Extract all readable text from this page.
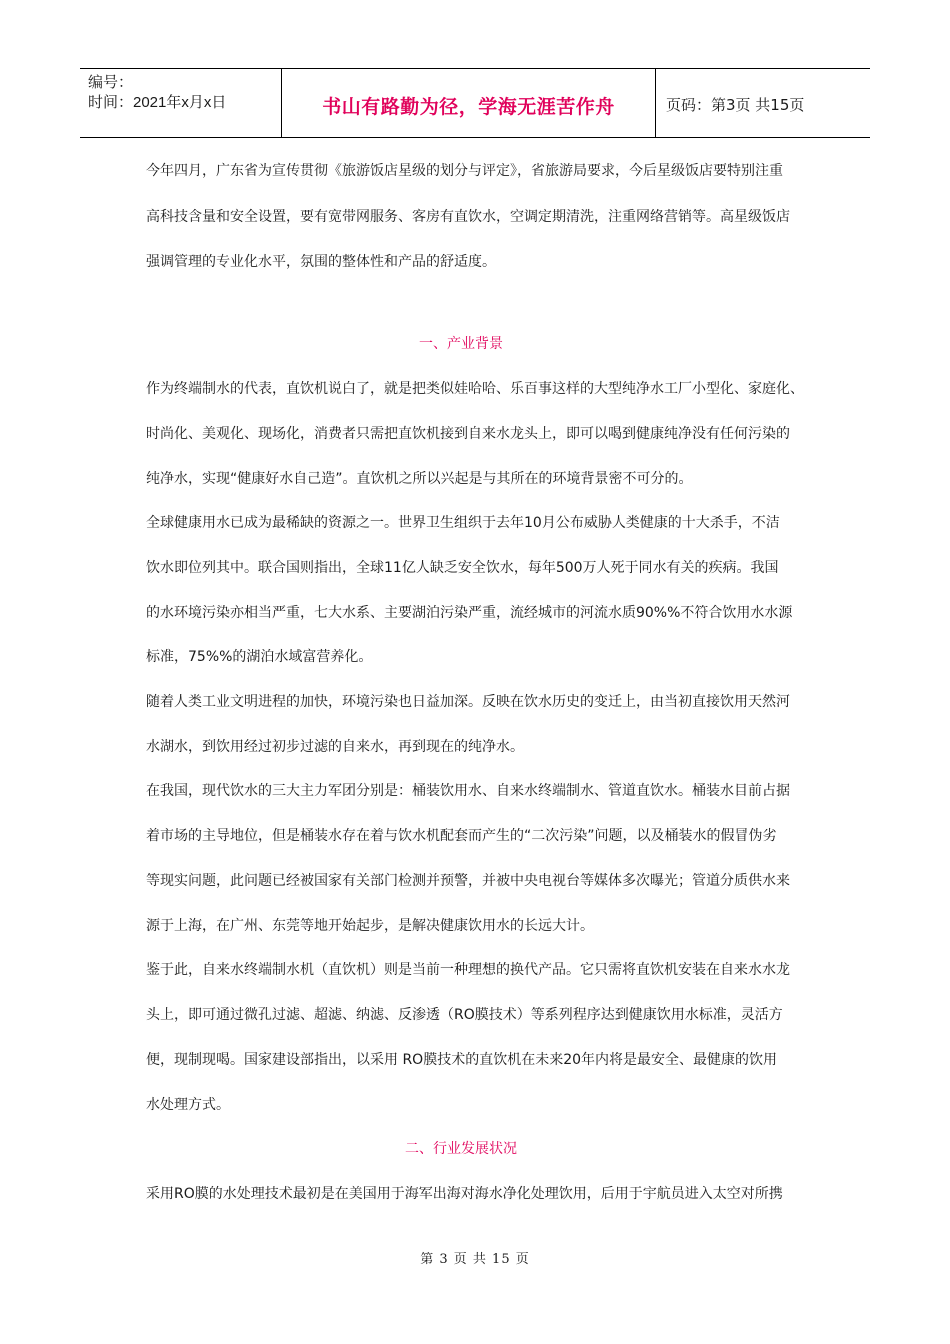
编号：
时间：2021年x月x日	书山有路勤为径，学海无涯苦作舟	页码：第3页 共15页
今年四月，广东省为宣传贯彻《旅游饭店星级的划分与评定》，省旅游局要求，今后星级饭店要特别注重
高科技含量和安全设置，要有宽带网服务、客房有直饮水，空调定期清洗，注重网络营销等。高星级饭店
强调管理的专业化水平，氛围的整体性和产品的舒适度。
一、产业背景
作为终端制水的代表，直饮机说白了，就是把类似娃哈哈、乐百事这样的大型纯净水工厂小型化、家庭化、
时尚化、美观化、现场化，消费者只需把直饮机接到自来水龙头上，即可以喝到健康纯净没有任何污染的
纯净水，实现“健康好水自己造”。直饮机之所以兴起是与其所在的环境背景密不可分的。
全球健康用水已成为最稀缺的资源之一。世界卫生组织于去年10月公布威胁人类健康的十大杀手，不洁
饮水即位列其中。联合国则指出，全球11亿人缺乏安全饮水，每年500万人死于同水有关的疾病。我国
的水环境污染亦相当严重，七大水系、主要湖泊污染严重，流经城市的河流水质90%%不符合饮用水水源
标准，75%%的湖泊水域富营养化。
随着人类工业文明进程的加快，环境污染也日益加深。反映在饮水历史的变迁上，由当初直接饮用天然河
水湖水，到饮用经过初步过滤的自来水，再到现在的纯净水。
在我国，现代饮水的三大主力军团分别是：桶装饮用水、自来水终端制水、管道直饮水。桶装水目前占据
着市场的主导地位，但是桶装水存在着与饮水机配套而产生的“二次污染”问题，以及桶装水的假冒伪劣
等现实问题，此问题已经被国家有关部门检测并预警，并被中央电视台等媒体多次曝光；管道分质供水来
源于上海，在广州、东莞等地开始起步，是解决健康饮用水的长远大计。
鉴于此，自来水终端制水机（直饮机）则是当前一种理想的换代产品。它只需将直饮机安装在自来水水龙
头上，即可通过微孔过滤、超滤、纳滤、反渗透（RO膜技术）等系列程序达到健康饮用水标准，灵活方
便，现制现喝。国家建设部指出，以采用 RO膜技术的直饮机在未来20年内将是最安全、最健康的饮用
水处理方式。
二、行业发展状况
采用RO膜的水处理技术最初是在美国用于海军出海对海水净化处理饮用，后用于宇航员进入太空对所携
第 3 页 共 15 页
